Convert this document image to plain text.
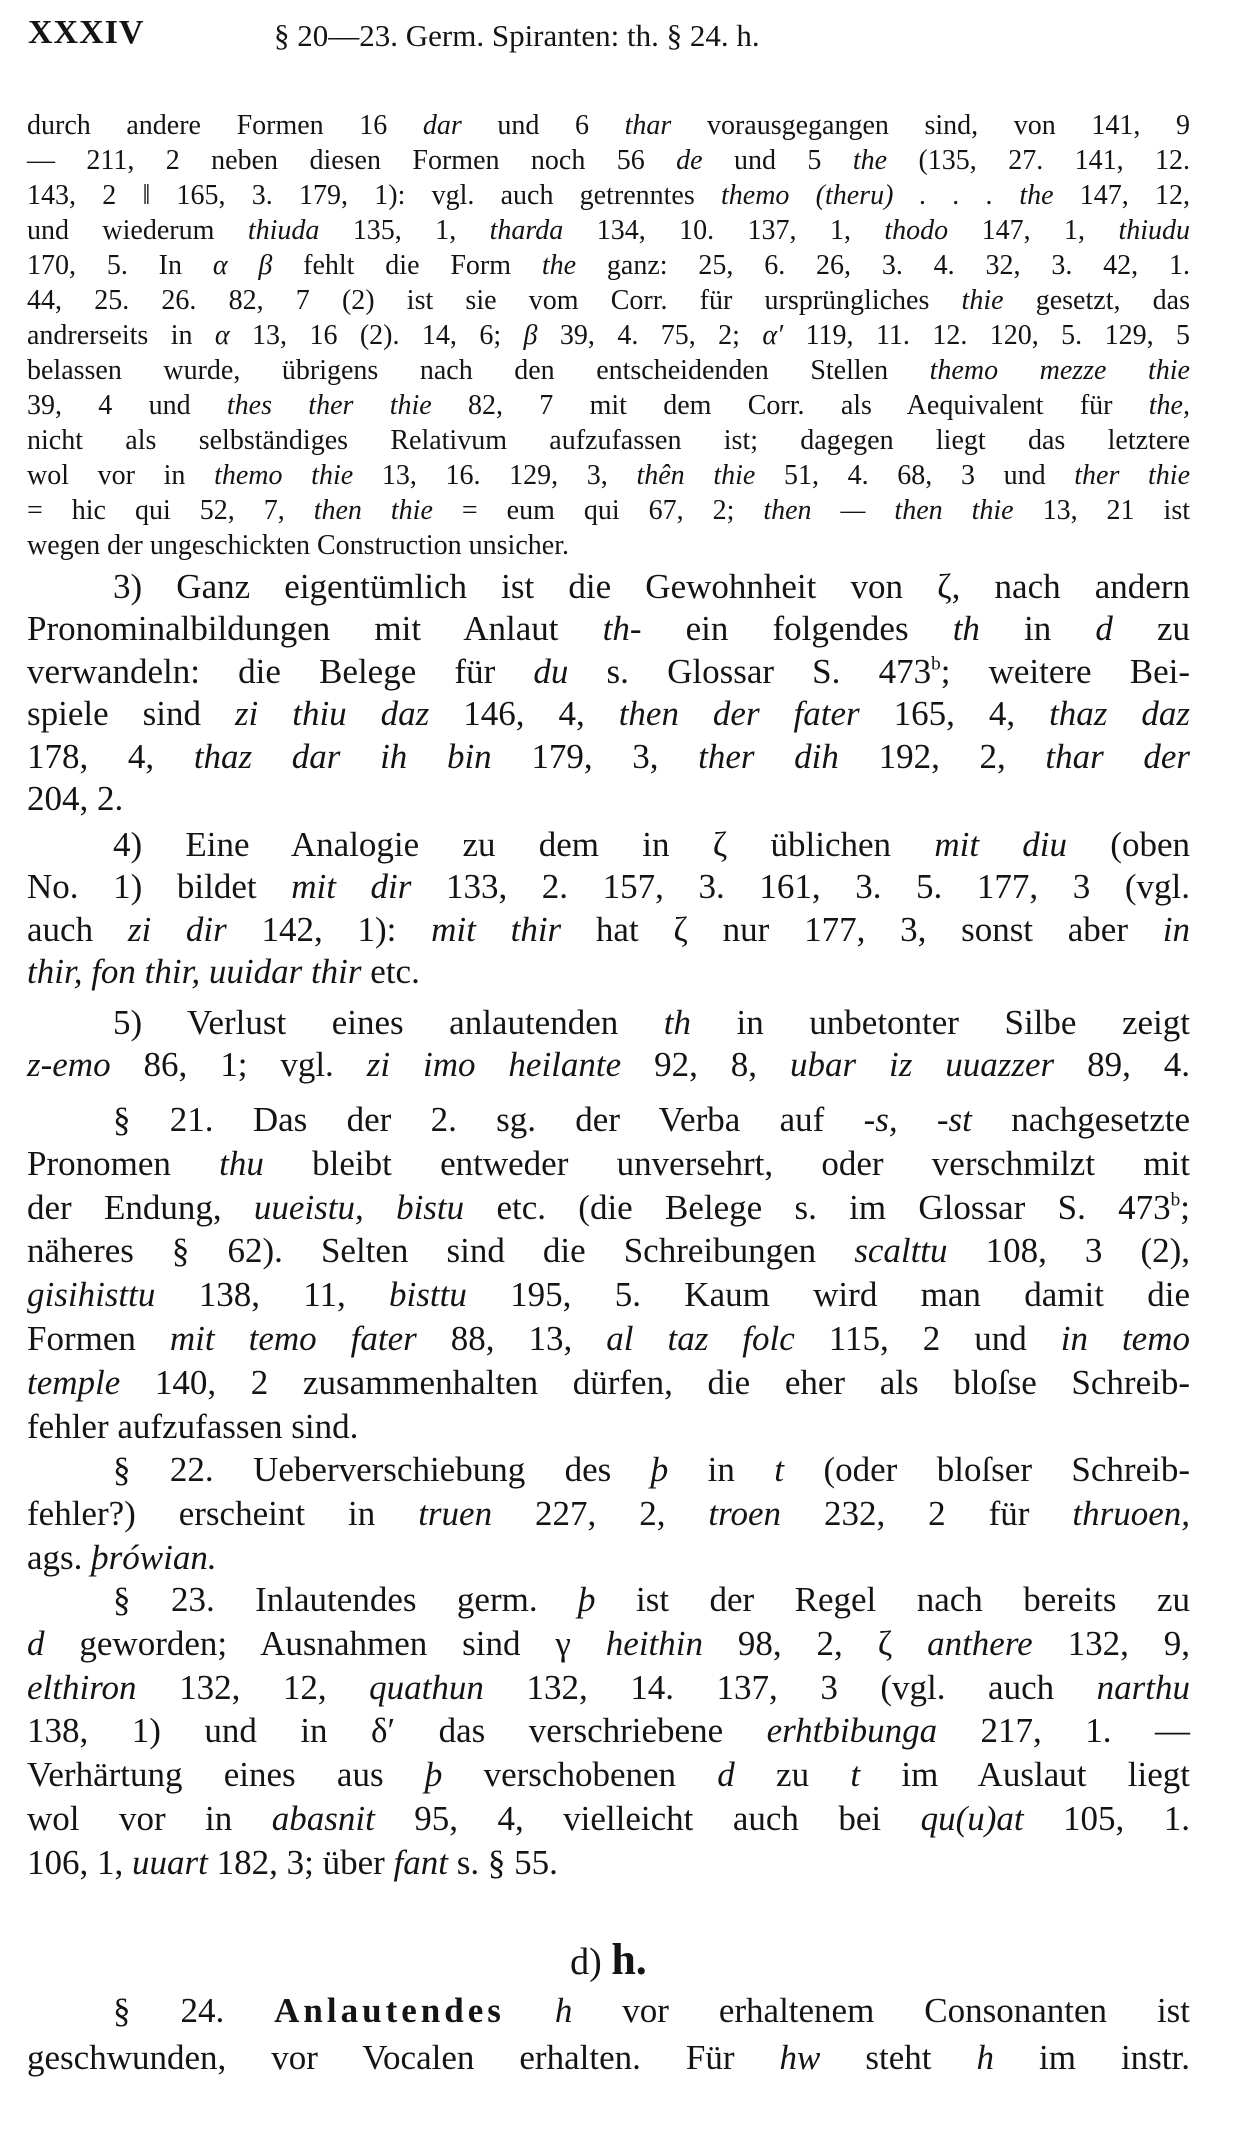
XXXIV	§ 20—23. Germ. Spiranten: th. § 24. h.
durch andere Formen 16 dar und 6 thar vorausgegangen sind, von 141, 9
— 211, 2 neben diesen Formen noch 56 de und 5 the (135, 27. 141, 12.
143, 2 ‖ 165, 3. 179, 1): vgl. auch getrenntes themo (theru) . . . the 147, 12,
und wiederum thiuda 135, 1, tharda 134, 10. 137, 1, thodo 147, 1, thiudu
170, 5. In α β fehlt die Form the ganz: 25, 6. 26, 3. 4. 32, 3. 42, 1.
44, 25. 26. 82, 7 (2) ist sie vom Corr. für ursprüngliches thie gesetzt, das
andrerseits in α 13, 16 (2). 14, 6; β 39, 4. 75, 2; α′ 119, 11. 12. 120, 5. 129, 5
belassen wurde, übrigens nach den entscheidenden Stellen themo mezze thie
39, 4 und thes ther thie 82, 7 mit dem Corr. als Aequivalent für the,
nicht als selbständiges Relativum aufzufassen ist; dagegen liegt das letztere
wol vor in themo thie 13, 16. 129, 3, thên thie 51, 4. 68, 3 und ther thie
= hic qui 52, 7, then thie = eum qui 67, 2; then — then thie 13, 21 ist
wegen der ungeschickten Construction unsicher.
3) Ganz eigentümlich ist die Gewohnheit von ζ, nach andern
Pronominalbildungen mit Anlaut th- ein folgendes th in d zu
verwandeln: die Belege für du s. Glossar S. 473$^b$; weitere Bei-
spiele sind zi thiu daz 146, 4, then der fater 165, 4, thaz daz
178, 4, thaz dar ih bin 179, 3, ther dih 192, 2, thar der
204, 2.
4) Eine Analogie zu dem in ζ üblichen mit diu (oben
No. 1) bildet mit dir 133, 2. 157, 3. 161, 3. 5. 177, 3 (vgl.
auch zi dir 142, 1): mit thir hat ζ nur 177, 3, sonst aber in
thir, fon thir, uuidar thir etc.
5) Verlust eines anlautenden th in unbetonter Silbe zeigt
z-emo 86, 1; vgl. zi imo heilante 92, 8, ubar iz uuazzer 89, 4.
§ 21. Das der 2. sg. der Verba auf -s, -st nachgesetzte
Pronomen thu bleibt entweder unversehrt, oder verschmilzt mit
der Endung, uueistu, bistu etc. (die Belege s. im Glossar S. 473$^b$;
näheres § 62). Selten sind die Schreibungen scalttu 108, 3 (2),
gisihisttu 138, 11, bisttu 195, 5. Kaum wird man damit die
Formen mit temo fater 88, 13, al taz folc 115, 2 und in temo
temple 140, 2 zusammenhalten dürfen, die eher als bloſse Schreib-
fehler aufzufassen sind.
§ 22. Ueberverschiebung des þ in t (oder bloſser Schreib-
fehler?) erscheint in truen 227, 2, troen 232, 2 für thruoen,
ags. þrówian.
§ 23. Inlautendes germ. þ ist der Regel nach bereits zu
d geworden; Ausnahmen sind γ heithin 98, 2, ζ anthere 132, 9,
elthiron 132, 12, quathun 132, 14. 137, 3 (vgl. auch narthu
138, 1) und in δ′ das verschriebene erhtbibunga 217, 1. —
Verhärtung eines aus þ verschobenen d zu t im Auslaut liegt
wol vor in abasnit 95, 4, vielleicht auch bei qu(u)at 105, 1.
106, 1, uuart 182, 3; über fant s. § 55.
d) h.
§ 24. Anlautendes h vor erhaltenem Consonanten ist
geschwunden, vor Vocalen erhalten. Für hw steht h im instr.
